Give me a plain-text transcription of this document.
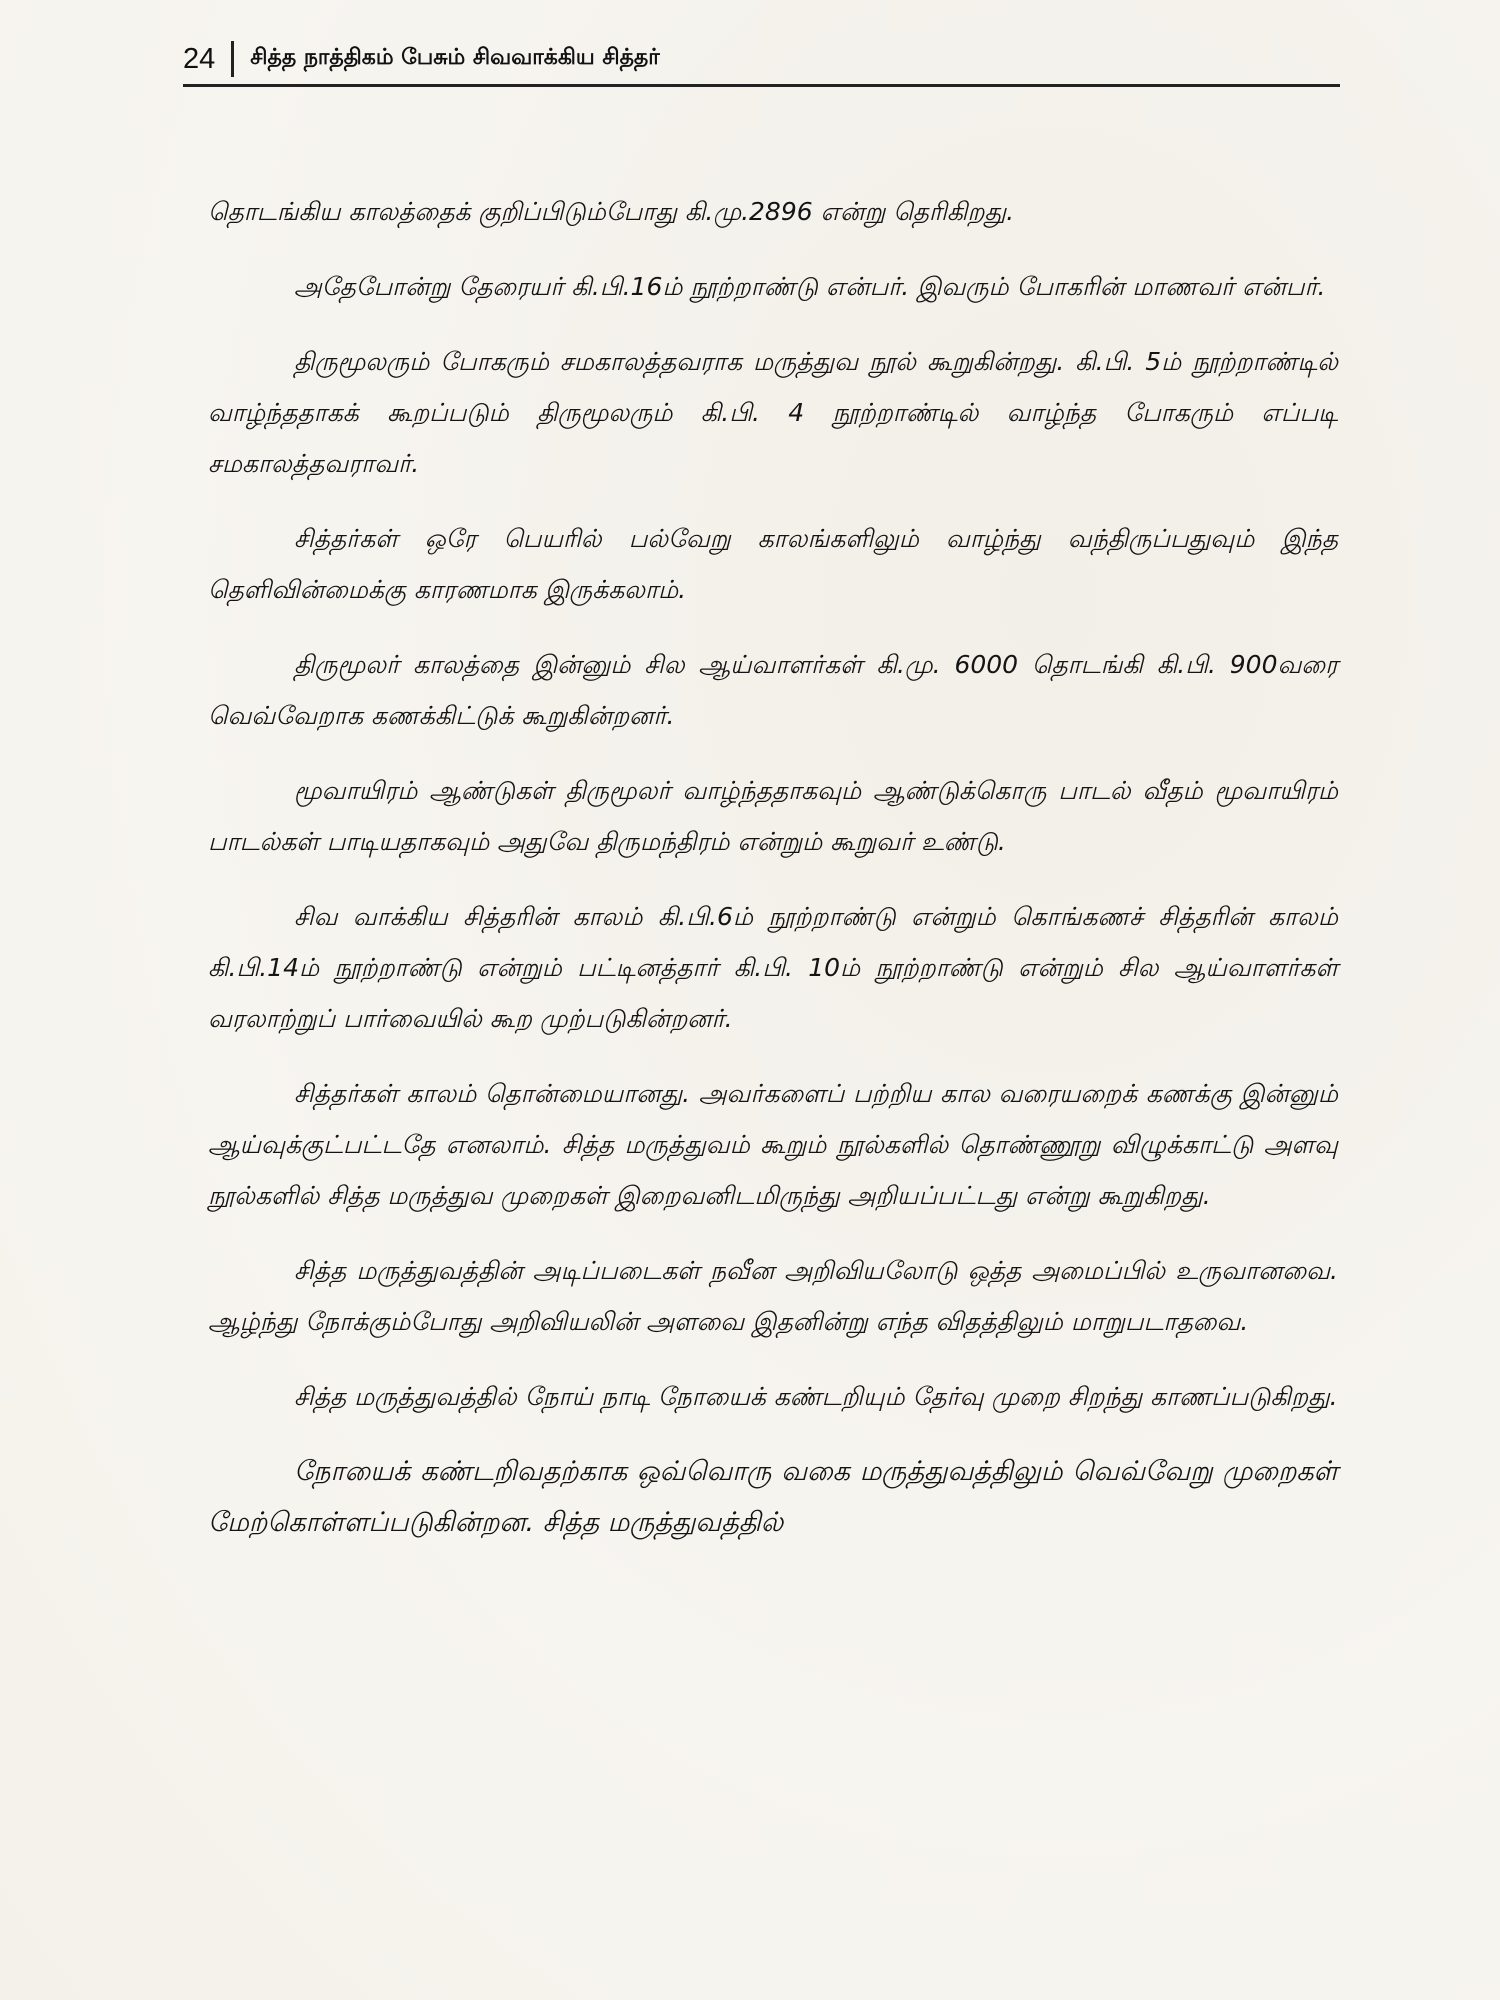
24	சித்த நாத்திகம் பேசும் சிவவாக்கிய சித்தர்

தொடங்கிய காலத்தைக் குறிப்பிடும்போது கி.மு.2896 என்று தெரிகிறது.

அதேபோன்று தேரையர் கி.பி.16ம் நூற்றாண்டு என்பர். இவரும் போகரின் மாணவர் என்பர்.

திருமூலரும் போகரும் சமகாலத்தவராக மருத்துவ நூல் கூறுகின்றது. கி.பி. 5ம் நூற்றாண்டில் வாழ்ந்ததாகக் கூறப்படும் திருமூலரும் கி.பி. 4 நூற்றாண்டில் வாழ்ந்த போகரும் எப்படி சமகாலத்தவராவர்.

சித்தர்கள் ஒரே பெயரில் பல்வேறு காலங்களிலும் வாழ்ந்து வந்திருப்பதுவும் இந்த தெளிவின்மைக்கு காரணமாக இருக்கலாம்.

திருமூலர் காலத்தை இன்னும் சில ஆய்வாளர்கள் கி.மு. 6000 தொடங்கி கி.பி. 900வரை வெவ்வேறாக கணக்கிட்டுக் கூறுகின்றனர்.

மூவாயிரம் ஆண்டுகள் திருமூலர் வாழ்ந்ததாகவும் ஆண்டுக்கொரு பாடல் வீதம் மூவாயிரம் பாடல்கள் பாடியதாகவும் அதுவே திருமந்திரம் என்றும் கூறுவர் உண்டு.

சிவ வாக்கிய சித்தரின் காலம் கி.பி.6ம் நூற்றாண்டு என்றும் கொங்கணச் சித்தரின் காலம் கி.பி.14ம் நூற்றாண்டு என்றும் பட்டினத்தார் கி.பி. 10ம் நூற்றாண்டு என்றும் சில ஆய்வாளர்கள் வரலாற்றுப் பார்வையில் கூற முற்படுகின்றனர்.

சித்தர்கள் காலம் தொன்மையானது. அவர்களைப் பற்றிய கால வரையறைக் கணக்கு இன்னும் ஆய்வுக்குட்பட்டதே எனலாம். சித்த மருத்துவம் கூறும் நூல்களில் தொண்ணூறு விழுக்காட்டு அளவு நூல்களில் சித்த மருத்துவ முறைகள் இறைவனிடமிருந்து அறியப்பட்டது என்று கூறுகிறது.

சித்த மருத்துவத்தின் அடிப்படைகள் நவீன அறிவியலோடு ஒத்த அமைப்பில் உருவானவை. ஆழ்ந்து நோக்கும்போது அறிவியலின் அளவை இதனின்று எந்த விதத்திலும் மாறுபடாதவை.

சித்த மருத்துவத்தில் நோய் நாடி நோயைக் கண்டறியும் தேர்வு முறை சிறந்து காணப்படுகிறது.

நோயைக் கண்டறிவதற்காக ஒவ்வொரு வகை மருத்துவத்திலும் வெவ்வேறு முறைகள் மேற்கொள்ளப்படுகின்றன. சித்த மருத்துவத்தில்
